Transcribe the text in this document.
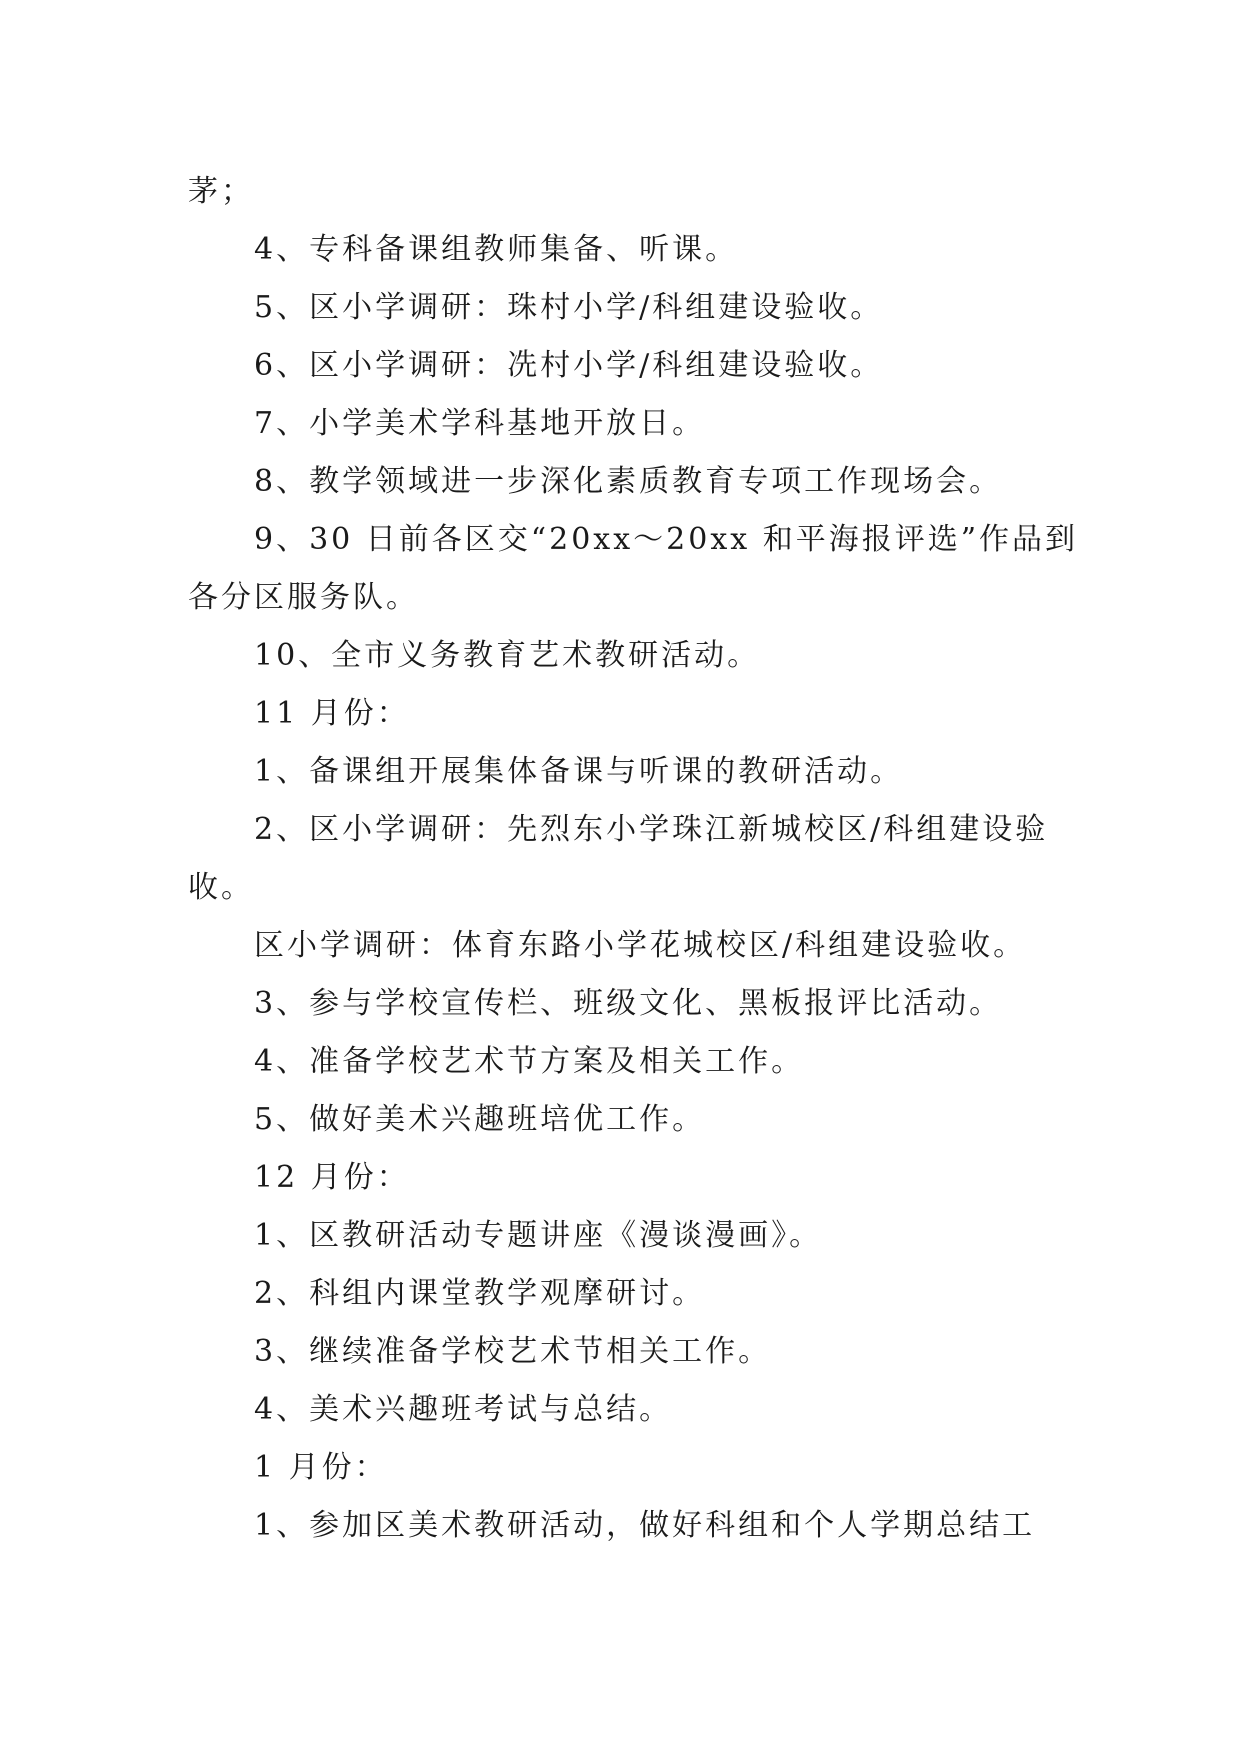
茅；
4、专科备课组教师集备、听课。
5、区小学调研：珠村小学/科组建设验收。
6、区小学调研：冼村小学/科组建设验收。
7、小学美术学科基地开放日。
8、教学领域进一步深化素质教育专项工作现场会。
9、30 日前各区交“20xx～20xx 和平海报评选”作品到
各分区服务队。
10、全市义务教育艺术教研活动。
11 月份：
1、备课组开展集体备课与听课的教研活动。
2、区小学调研：先烈东小学珠江新城校区/科组建设验
收。
区小学调研：体育东路小学花城校区/科组建设验收。
3、参与学校宣传栏、班级文化、黑板报评比活动。
4、准备学校艺术节方案及相关工作。
5、做好美术兴趣班培优工作。
12 月份：
1、区教研活动专题讲座《漫谈漫画》。
2、科组内课堂教学观摩研讨。
3、继续准备学校艺术节相关工作。
4、美术兴趣班考试与总结。
1 月份：
1、参加区美术教研活动，做好科组和个人学期总结工
